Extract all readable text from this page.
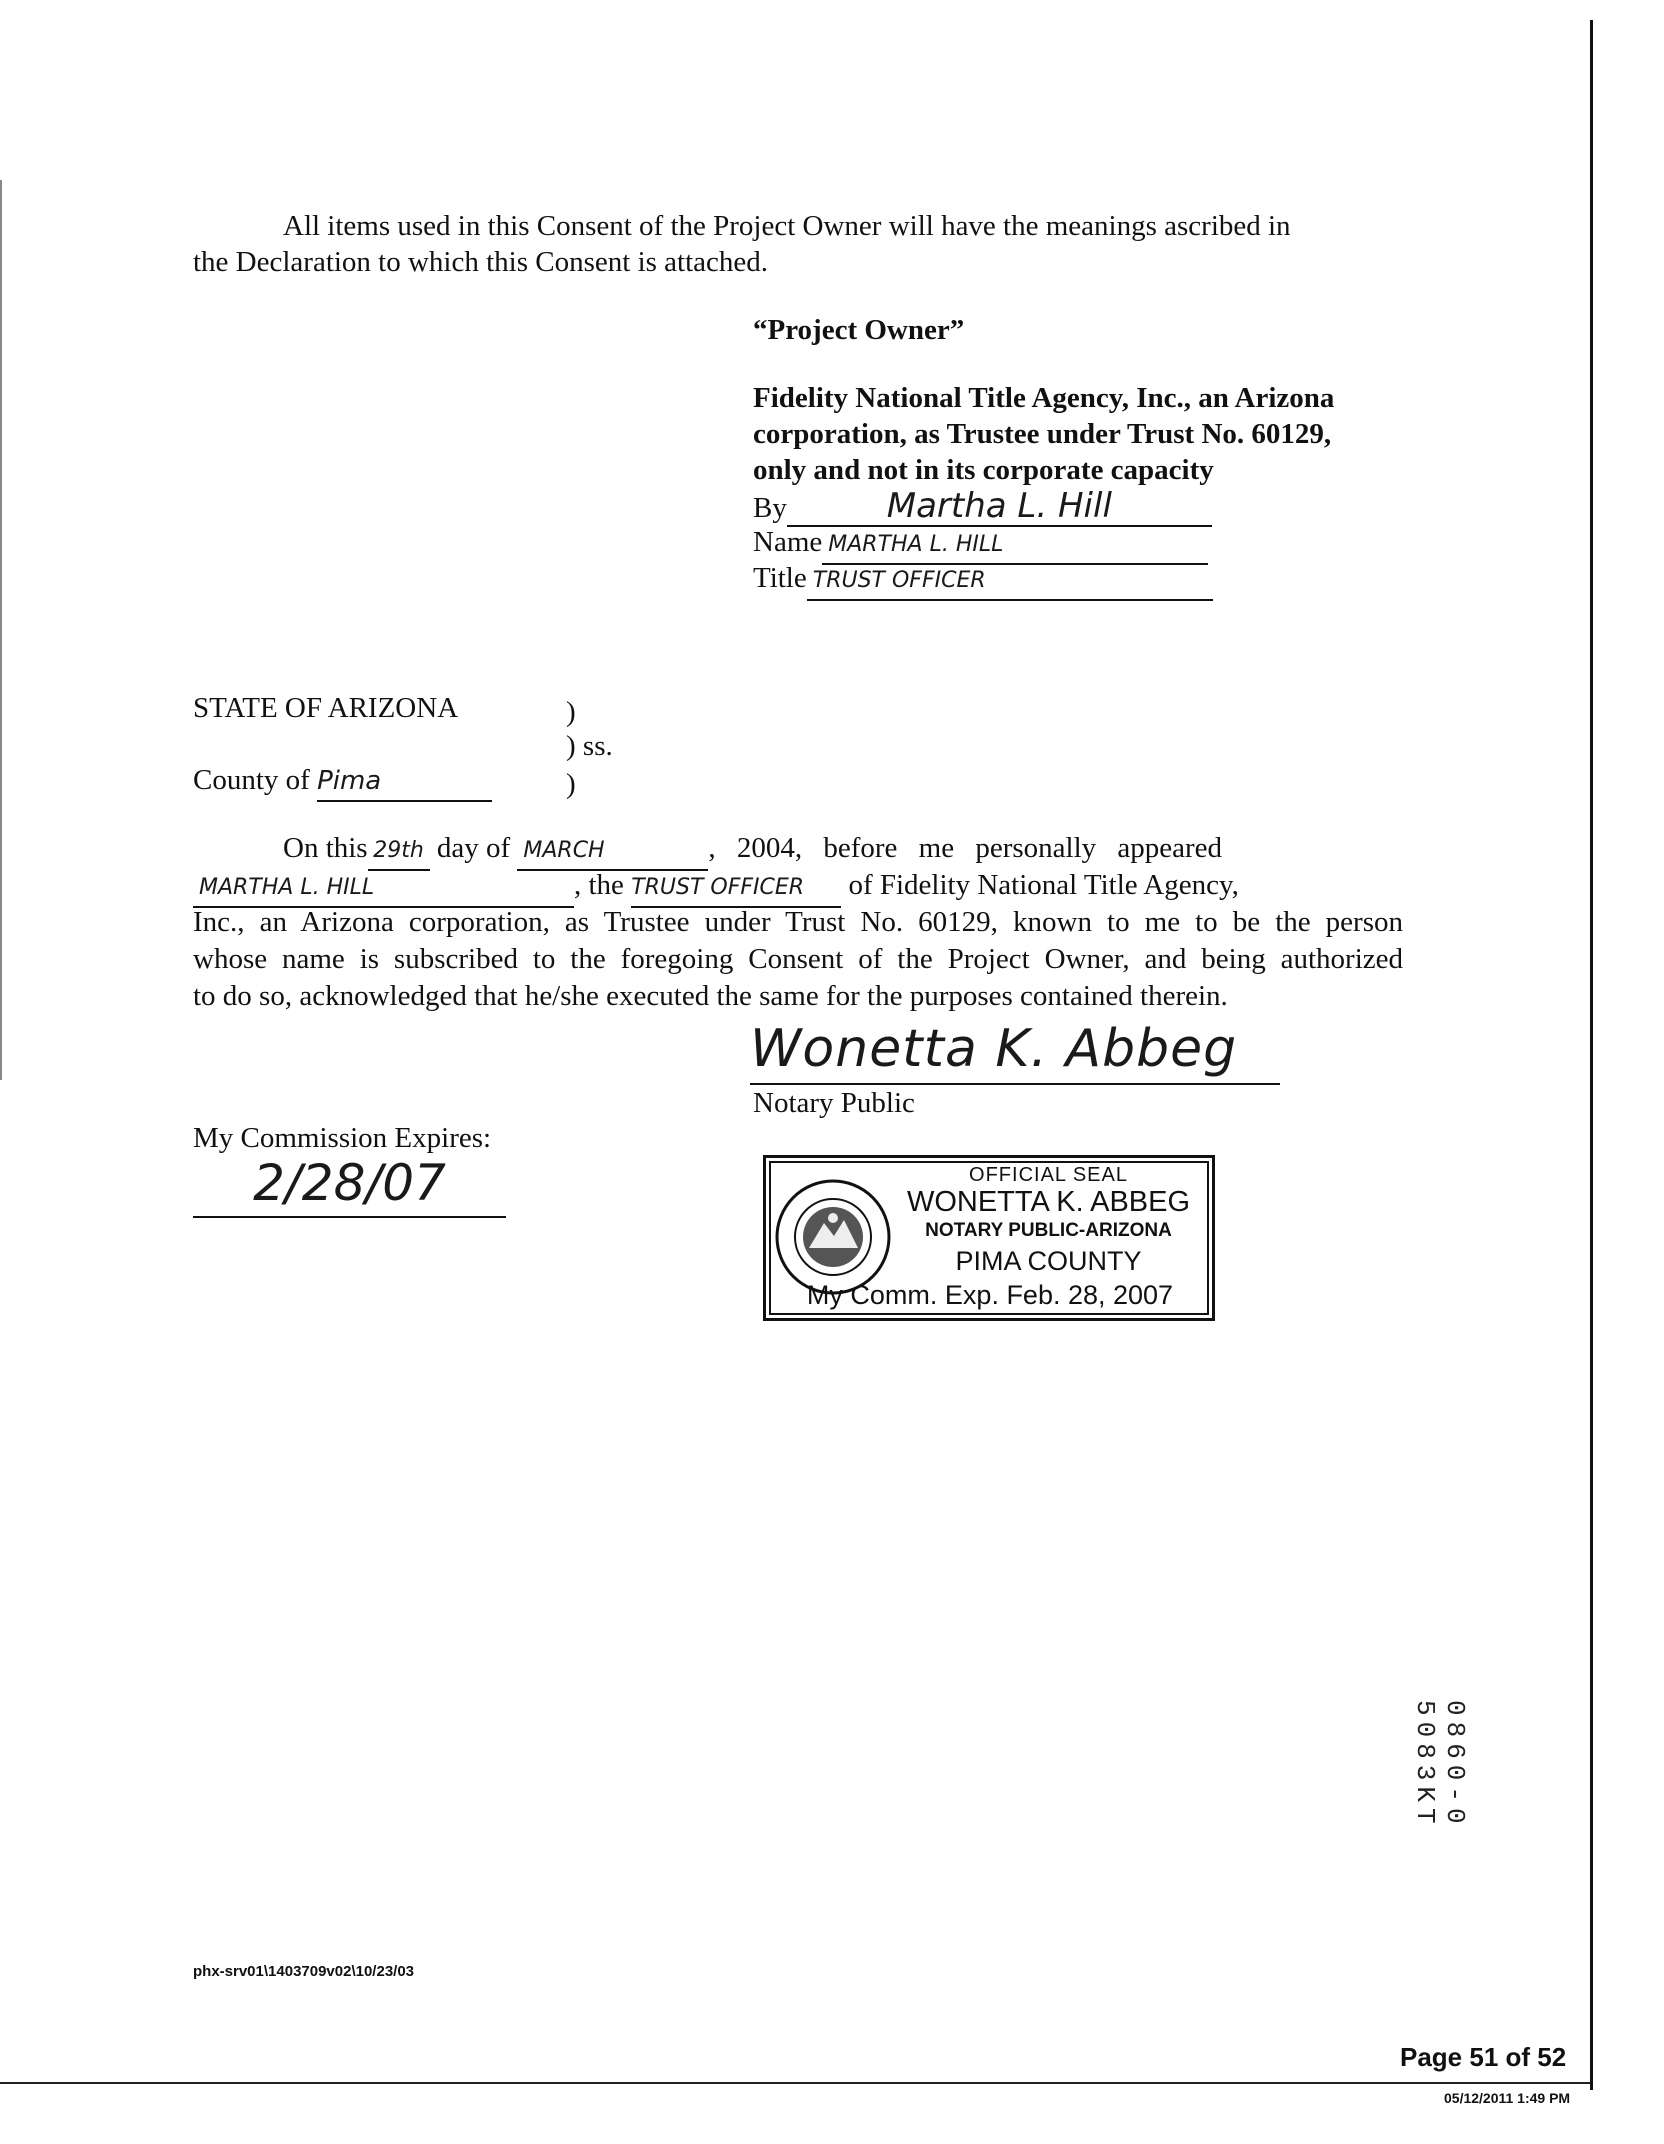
All items used in this Consent of the Project Owner will have the meanings ascribed in
the Declaration to which this Consent is attached.
“Project Owner”
Fidelity National Title Agency, Inc., an Arizona
corporation, as Trustee under Trust No. 60129,
only and not in its corporate capacity
By	Martha L. Hill
Name MARTHA L. HILL
Title TRUST OFFICER
STATE OF ARIZONA	)
) ss.
County of Pima	)
On this 29th day of MARCH	, 2004, before me personally appeared
MARTHA L. HILL	, the TRUST OFFICER of Fidelity National Title Agency,
Inc., an Arizona corporation, as Trustee under Trust No. 60129, known to me to be the person
whose name is subscribed to the foregoing Consent of the Project Owner, and being authorized
to do so, acknowledged that he/she executed the same for the purposes contained therein.
Wonetta K. Abbeg
Notary Public
My Commission Expires:
2/28/07	OFFICIAL SEAL
WONETTA K. ABBEG
NOTARY PUBLIC-ARIZONA
PIMA COUNTY
My Comm. Exp. Feb. 28, 2007
0860-0 5083KT
phx-srv01\1403709v02\10/23/03
Page 51 of 52
05/12/2011 1:49 PM
